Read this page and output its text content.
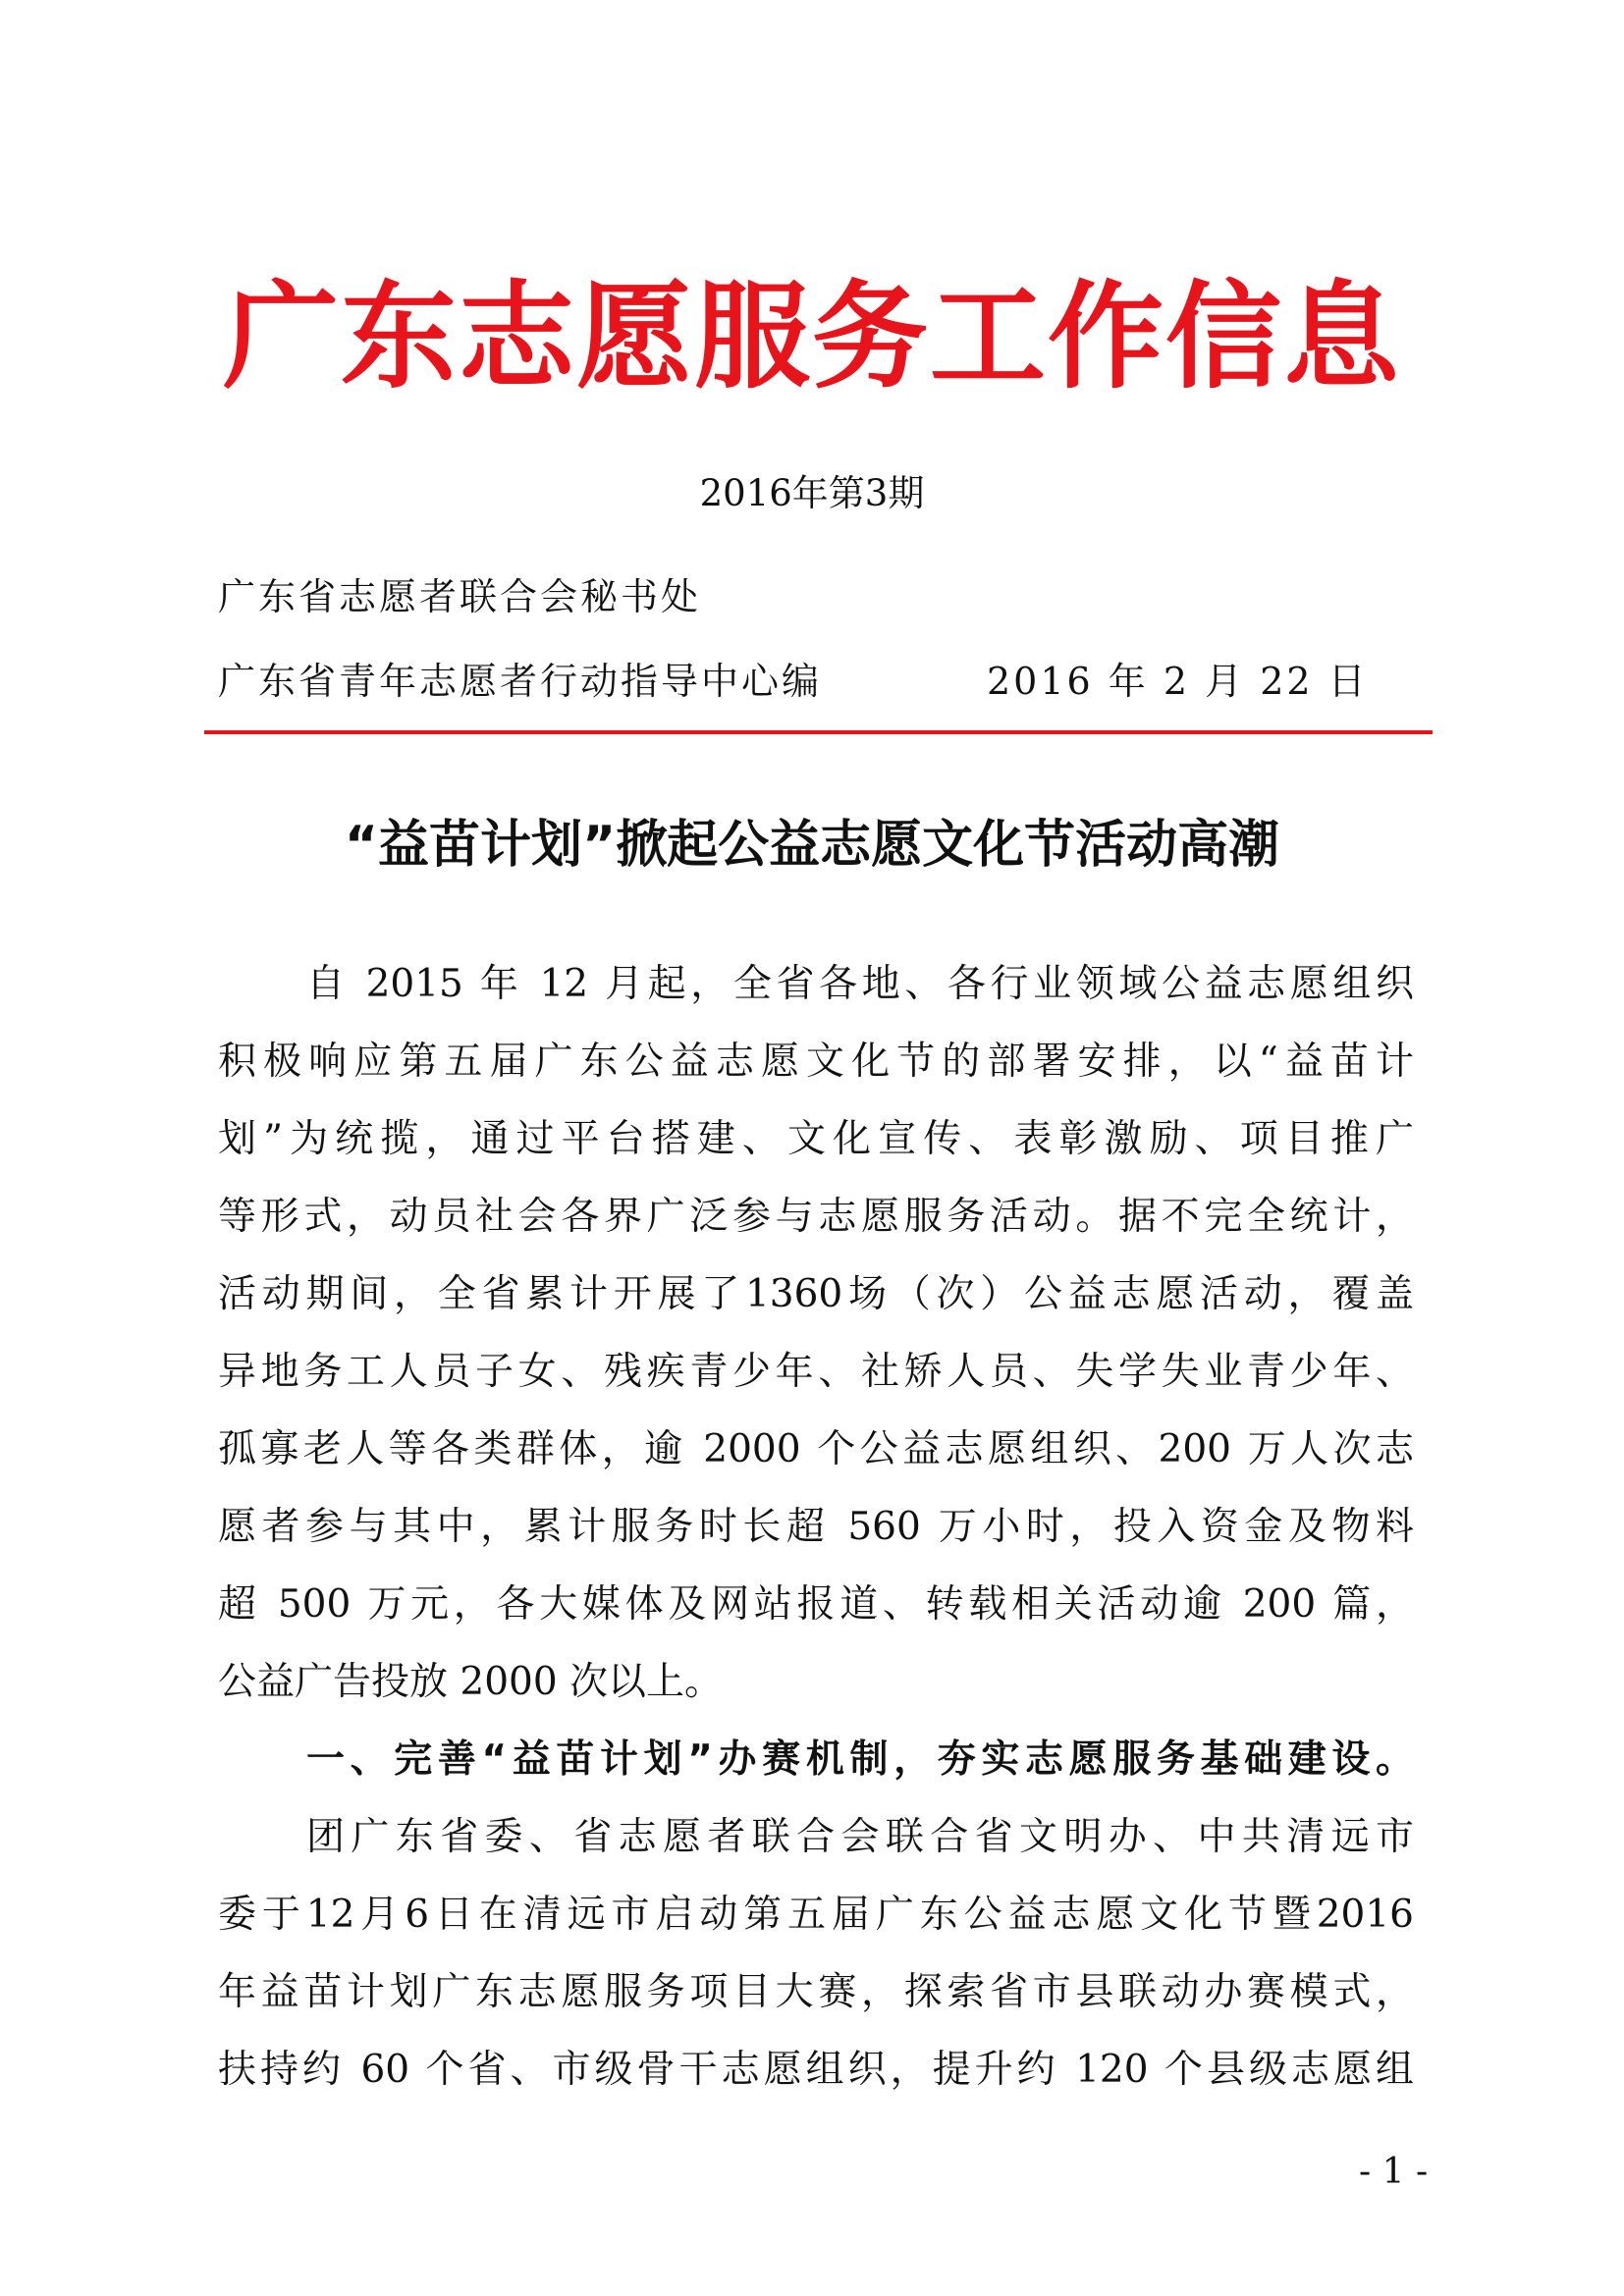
广东志愿服务工作信息
2016年第3期
广东省志愿者联合会秘书处
广东省青年志愿者行动指导中心编	2016 年 2 月 22 日
“益苗计划”掀起公益志愿文化节活动高潮
自 2015 年 12 月起，全省各地、各行业领域公益志愿组织
积极响应第五届广东公益志愿文化节的部署安排，以“益苗计
划”为统揽，通过平台搭建、文化宣传、表彰激励、项目推广
等形式，动员社会各界广泛参与志愿服务活动。据不完全统计，
活动期间，全省累计开展了1360场（次）公益志愿活动，覆盖
异地务工人员子女、残疾青少年、社矫人员、失学失业青少年、
孤寡老人等各类群体，逾 2000 个公益志愿组织、200 万人次志
愿者参与其中，累计服务时长超 560 万小时，投入资金及物料
超 500 万元，各大媒体及网站报道、转载相关活动逾 200 篇，
公益广告投放 2000 次以上。
一、完善“益苗计划”办赛机制，夯实志愿服务基础建设。
团广东省委、省志愿者联合会联合省文明办、中共清远市
委于12月6日在清远市启动第五届广东公益志愿文化节暨2016
年益苗计划广东志愿服务项目大赛，探索省市县联动办赛模式，
扶持约 60 个省、市级骨干志愿组织，提升约 120 个县级志愿组
- 1 -
